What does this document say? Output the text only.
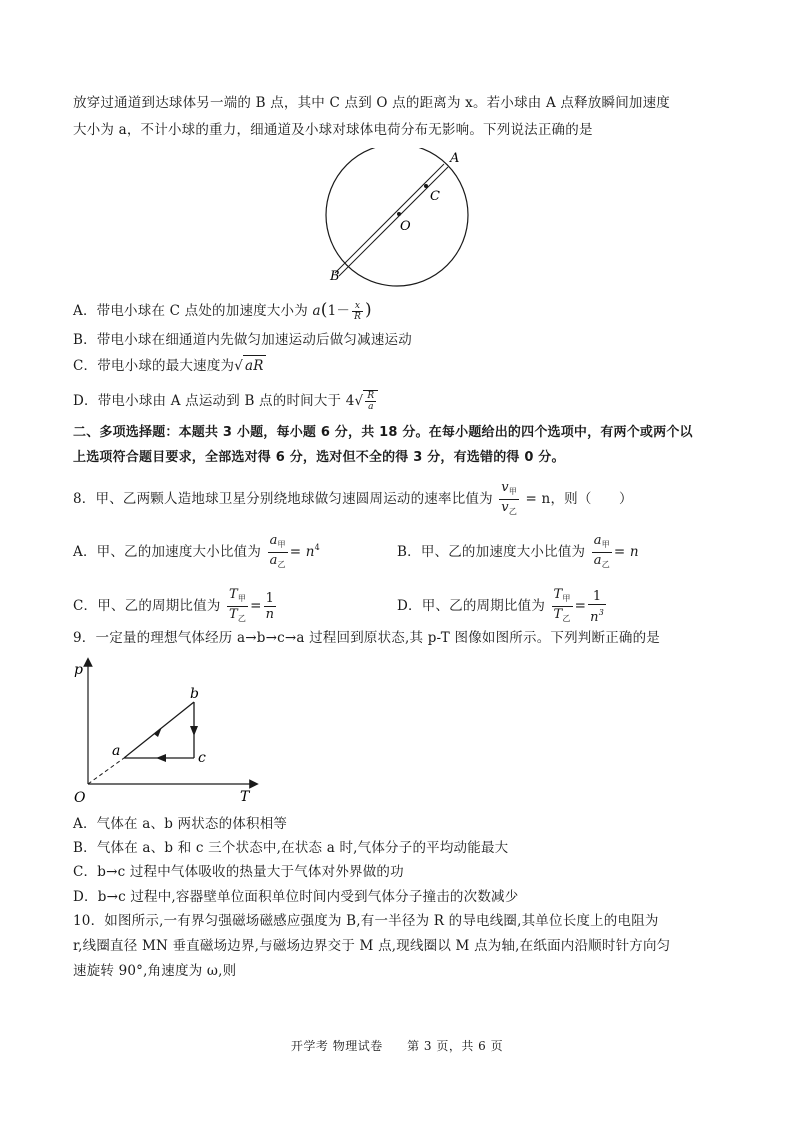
放穿过通道到达球体另一端的 B 点，其中 C 点到 O 点的距离为 x。若小球由 A 点释放瞬间加速度
大小为 a，不计小球的重力，细通道及小球对球体电荷分布无影响。下列说法正确的是
A
C
O
B
A．带电小球在 C 点处的加速度大小为 $a(1- \frac{x}{R}$ )
B．带电小球在细通道内先做匀加速运动后做匀减速运动
C．带电小球的最大速度为√ aR
D．带电小球由 A 点运动到 B 点的时间大于 $4√ \frac{R}{a}$
二、多项选择题：本题共 3 小题，每小题 6 分，共 18 分。在每小题给出的四个选项中，有两个或两个以
上选项符合题目要求，全部选对得 6 分，选对但不全的得 3 分，有选错的得 0 分。
8．甲、乙两颗人造地球卫星分别绕地球做匀速圆周运动的速率比值为 $\frac{v_甲}{v_乙} = n$，则（　　）
A．甲、乙的加速度大小比值为 $\frac{a_甲}{a_乙} = n^4$	B．甲、乙的加速度大小比值为 $\frac{a_甲}{a_乙} = n$
C．甲、乙的周期比值为 $\frac{T_甲}{T_乙} = \frac{1}{n}$	D．甲、乙的周期比值为 $\frac{T_甲}{T_乙} = \frac{1}{n^3}$
9．一定量的理想气体经历 a→b→c→a 过程回到原状态,其 p-T 图像如图所示。下列判断正确的是
p
T
O
a
b
c
A．气体在 a、b 两状态的体积相等
B．气体在 a、b 和 c 三个状态中,在状态 a 时,气体分子的平均动能最大
C．b→c 过程中气体吸收的热量大于气体对外界做的功
D．b→c 过程中,容器壁单位面积单位时间内受到气体分子撞击的次数减少
10．如图所示,一有界匀强磁场磁感应强度为 B,有一半径为 R 的导电线圈,其单位长度上的电阻为
r,线圈直径 MN 垂直磁场边界,与磁场边界交于 M 点,现线圈以 M 点为轴,在纸面内沿顺时针方向匀
速旋转 90°,角速度为 ω,则
开学考 物理试卷 第 3 页，共 6 页
